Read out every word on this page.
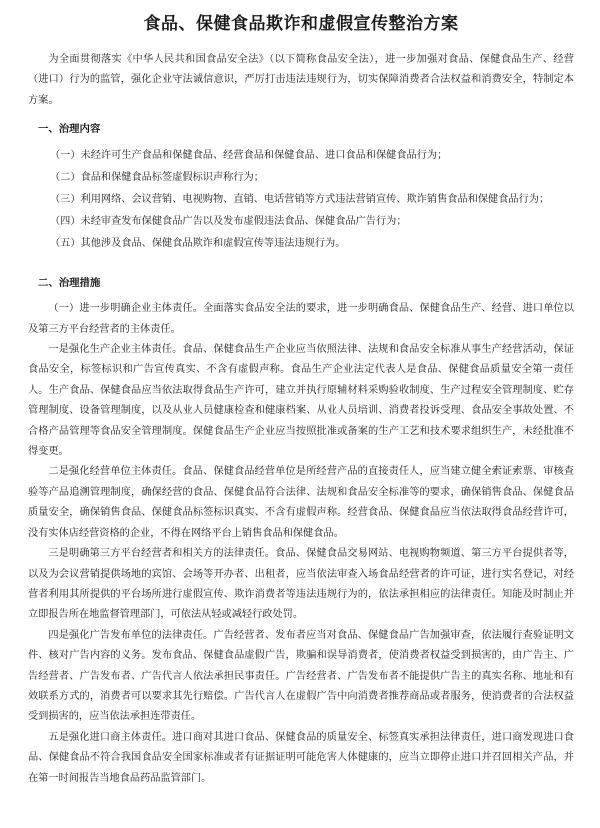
食品、保健食品欺诈和虚假宣传整治方案

为全面贯彻落实《中华人民共和国食品安全法》（以下简称食品安全法），进一步加强对食品、保健食品生产、经营（进口）行为的监管，强化企业守法诚信意识，严厉打击违法违规行为，切实保障消费者合法权益和消费安全，特制定本方案。

一、治理内容
（一）未经许可生产食品和保健食品、经营食品和保健食品、进口食品和保健食品行为；
（二）食品和保健食品标签虚假标识声称行为；
（三）利用网络、会议营销、电视购物、直销、电话营销等方式违法营销宣传、欺诈销售食品和保健食品行为；
（四）未经审查发布保健食品广告以及发布虚假违法食品、保健食品广告行为；
（五）其他涉及食品、保健食品欺诈和虚假宣传等违法违规行为。
二、治理措施

（一）进一步明确企业主体责任。全面落实食品安全法的要求，进一步明确食品、保健食品生产、经营、进口单位以及第三方平台经营者的主体责任。

一是强化生产企业主体责任。食品、保健食品生产企业应当依照法律、法规和食品安全标准从事生产经营活动，保证食品安全，标签标识和广告宣传真实、不含有虚假声称。食品生产企业法定代表人是食品、保健食品质量安全第一责任人。生产食品、保健食品应当依法取得食品生产许可，建立并执行原辅材料采购验收制度、生产过程安全管理制度、贮存管理制度、设备管理制度，以及从业人员健康检查和健康档案、从业人员培训、消费者投诉受理、食品安全事故处置、不合格产品管理等食品安全管理制度。保健食品生产企业应当按照批准或备案的生产工艺和技术要求组织生产，未经批准不得变更。

二是强化经营单位主体责任。食品、保健食品经营单位是所经营产品的直接责任人，应当建立健全索证索票、审核查验等产品追溯管理制度，确保经营的食品、保健食品符合法律、法规和食品安全标准等的要求，确保销售食品、保健食品质量安全，确保销售食品、保健食品标签标识真实、不含有虚假声称。经营食品、保健食品应当依法取得食品经营许可，没有实体店经营资格的企业，不得在网络平台上销售食品和保健食品。

三是明确第三方平台经营者和相关方的法律责任。食品、保健食品交易网站、电视购物频道、第三方平台提供者等，以及为会议营销提供场地的宾馆、会场等开办者、出租者，应当依法审查入场食品经营者的许可证，进行实名登记，对经营者利用其所提供的平台场所进行虚假宣传、欺诈消费者等违法违规行为的，依法承担相应的法律责任。知能及时制止并立即报告所在地监督管理部门，可依法从轻或减轻行政处罚。

四是强化广告发布单位的法律责任。广告经营者、发布者应当对食品、保健食品广告加强审查，依法履行查验证明文件、核对广告内容的义务。发布食品、保健食品虚假广告，欺骗和误导消费者，使消费者权益受到损害的，由广告主、广告经营者、广告发布者、广告代言人依法承担民事责任。广告经营者、广告发布者不能提供广告主的真实名称、地址和有效联系方式的，消费者可以要求其先行赔偿。广告代言人在虚假广告中向消费者推荐商品或者服务，使消费者的合法权益受到损害的，应当依法承担连带责任。

五是强化进口商主体责任。进口商对其进口食品、保健食品的质量安全、标签真实承担法律责任，进口商发现进口食品、保健食品不符合我国食品安全国家标准或者有证据证明可能危害人体健康的，应当立即停止进口并召回相关产品，并在第一时间报告当地食品药品监管部门。
